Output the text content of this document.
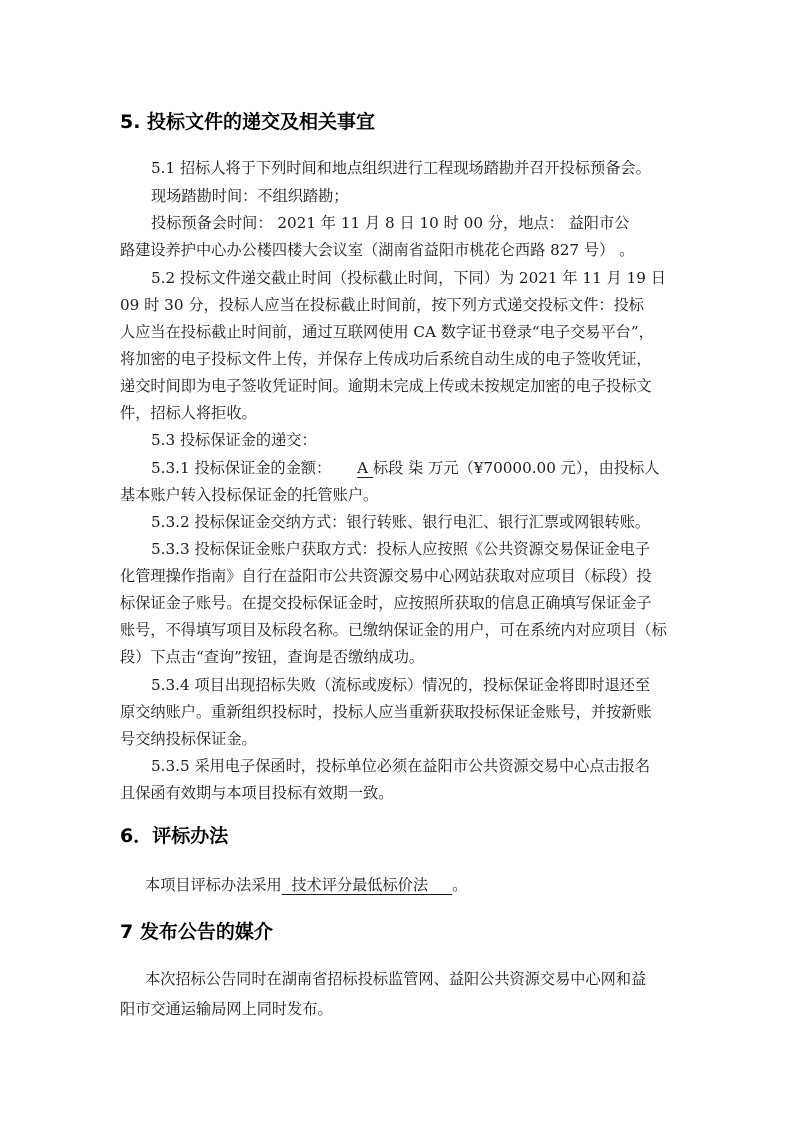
5. 投标文件的递交及相关事宜
5.1 招标人将于下列时间和地点组织进行工程现场踏勘并召开投标预备会。
现场踏勘时间：不组织踏勘；
投标预备会时间： 2021 年 11 月 8 日 10 时 00 分，地点： 益阳市公
路建设养护中心办公楼四楼大会议室（湖南省益阳市桃花仑西路 827 号） 。
5.2 投标文件递交截止时间（投标截止时间，下同）为 2021 年 11 月 19 日
09 时 30 分，投标人应当在投标截止时间前，按下列方式递交投标文件：投标
人应当在投标截止时间前，通过互联网使用 CA 数字证书登录“电子交易平台”，
将加密的电子投标文件上传，并保存上传成功后系统自动生成的电子签收凭证，
递交时间即为电子签收凭证时间。逾期未完成上传或未按规定加密的电子投标文
件，招标人将拒收。
5.3 投标保证金的递交：
5.3.1 投标保证金的金额： A 标段 柒 万元（¥70000.00 元），由投标人
基本账户转入投标保证金的托管账户。
5.3.2 投标保证金交纳方式：银行转账、银行电汇、银行汇票或网银转账。
5.3.3 投标保证金账户获取方式：投标人应按照《公共资源交易保证金电子
化管理操作指南》自行在益阳市公共资源交易中心网站获取对应项目（标段）投
标保证金子账号。在提交投标保证金时，应按照所获取的信息正确填写保证金子
账号，不得填写项目及标段名称。已缴纳保证金的用户，可在系统内对应项目（标
段）下点击“查询”按钮，查询是否缴纳成功。
5.3.4 项目出现招标失败（流标或废标）情况的，投标保证金将即时退还至
原交纳账户。重新组织投标时，投标人应当重新获取投标保证金账号，并按新账
号交纳投标保证金。
5.3.5 采用电子保函时，投标单位必须在益阳市公共资源交易中心点击报名
且保函有效期与本项目投标有效期一致。
6．评标办法
本项目评标办法采用  技术评分最低标价法     。
7 发布公告的媒介
本次招标公告同时在湖南省招标投标监管网、益阳公共资源交易中心网和益
阳市交通运输局网上同时发布。
